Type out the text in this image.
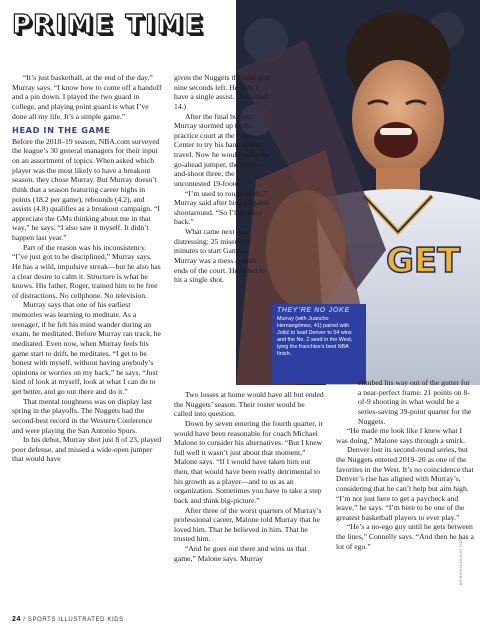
PRIME TIME
GET

“It’s just basketball, at the end of the day,” Murray says. “I know how to come off a handoff and a pin down. I played the two guard in college, and playing point guard is what I’ve done all my life. It’s a simple game.”

HEAD IN THE GAME

Before the 2018–19 season, NBA.com surveyed the league’s 30 general managers for their input on an assortment of topics. When asked which player was the most likely to have a breakout season, they chose Murray. But Murray doesn’t think that a season featuring career highs in points (18.2 per game), rebounds (4.2), and assists (4.8) qualifies as a breakout campaign. “I appreciate the GMs thinking about me in that way,” he says. “I also saw it myself. It didn’t happen last year.”

Part of the reason was his inconsistency. “I’ve just got to be disciplined,” Murray says. He has a wild, impulsive streak—but he also has a clear desire to calm it. Structure is what he knows. His father, Roger, trained him to be free of distractions. No cellphone. No television.

Murray says that one of his earliest memories was learning to meditate. As a teenager, if he felt his mind wander during an exam, he meditated. Before Murray ran track, he meditated. Even now, when Murray feels his game start to drift, he meditates. “I get to be honest with myself, without having anybody’s opinions or worries on my back,” he says. “Just kind of look at myself, look at what I can do to get better, and go out there and do it.”

That mental toughness was on display last spring in the playoffs. The Nuggets had the second-best record in the Western Conference and were playing the San Antonio Spurs.

In his debut, Murray shot just 8 of 23, played poor defense, and missed a wide-open jumper that would have

given the Nuggets the lead with nine seconds left. He didn’t have a single assist. (Jokić had 14.)

After the final buzzer, Murray stormed up to the practice court at the Pepsi Center to try his hand at time travel. Now he would make the go-ahead jumper, the catch-and-shoot three, the uncontested 19-footer.

“I’m used to rough starts,” Murray said after his postgame shootaround. “So I’ll bounce back.”

What came next was distressing: 25 miserable minutes to start Game 2. Murray was a mess at both ends of the court. He failed to hit a single shot.

Two losses at home would have all but ended the Nuggets’ season. Their roster would be called into question.

Down by seven entering the fourth quarter, it would have been reasonable for coach Michael Malone to consider his alternatives. “But I knew full well it wasn’t just about that moment,” Malone says. “If I would have taken him out then, that would have been really detrimental to his growth as a player—and to us as an organization. Sometimes you have to take a step back and think big-picture.”

After three of the worst quarters of Murray’s professional career, Malone told Murray that he loved him. That he believed in him. That he trusted him.

“And he goes out there and wins us that game,” Malone says. Murray

THEY’RE NO JOKE
Murray (with Juancho Hernangómez, 41) paired with Jokić to lead Denver to 54 wins and the No. 2 seed in the West, tying the franchise’s best NBA finish.

climbed his way out of the gutter for a near-perfect frame: 21 points on 8-of-9 shooting in what would be a series-saving 39-point quarter for the Nuggets.

“He made me look like I knew what I was doing,” Malone says through a smirk.

Denver lost its second-round series, but the Nuggets entered 2019–20 as one of the favorites in the West. It’s no coincidence that Denver’s rise has aligned with Murray’s, considering that he can’t help but aim high. “I’m not just here to get a paycheck and leave,” he says. “I’m here to be one of the greatest basketball players to ever play.”

“He’s a no-ego guy until he gets between the lines,” Connelly says. “And then he has a lot of ego.”	BOBDONNAN/SI.COM
24 / SPORTS ILLUSTRATED KIDS
